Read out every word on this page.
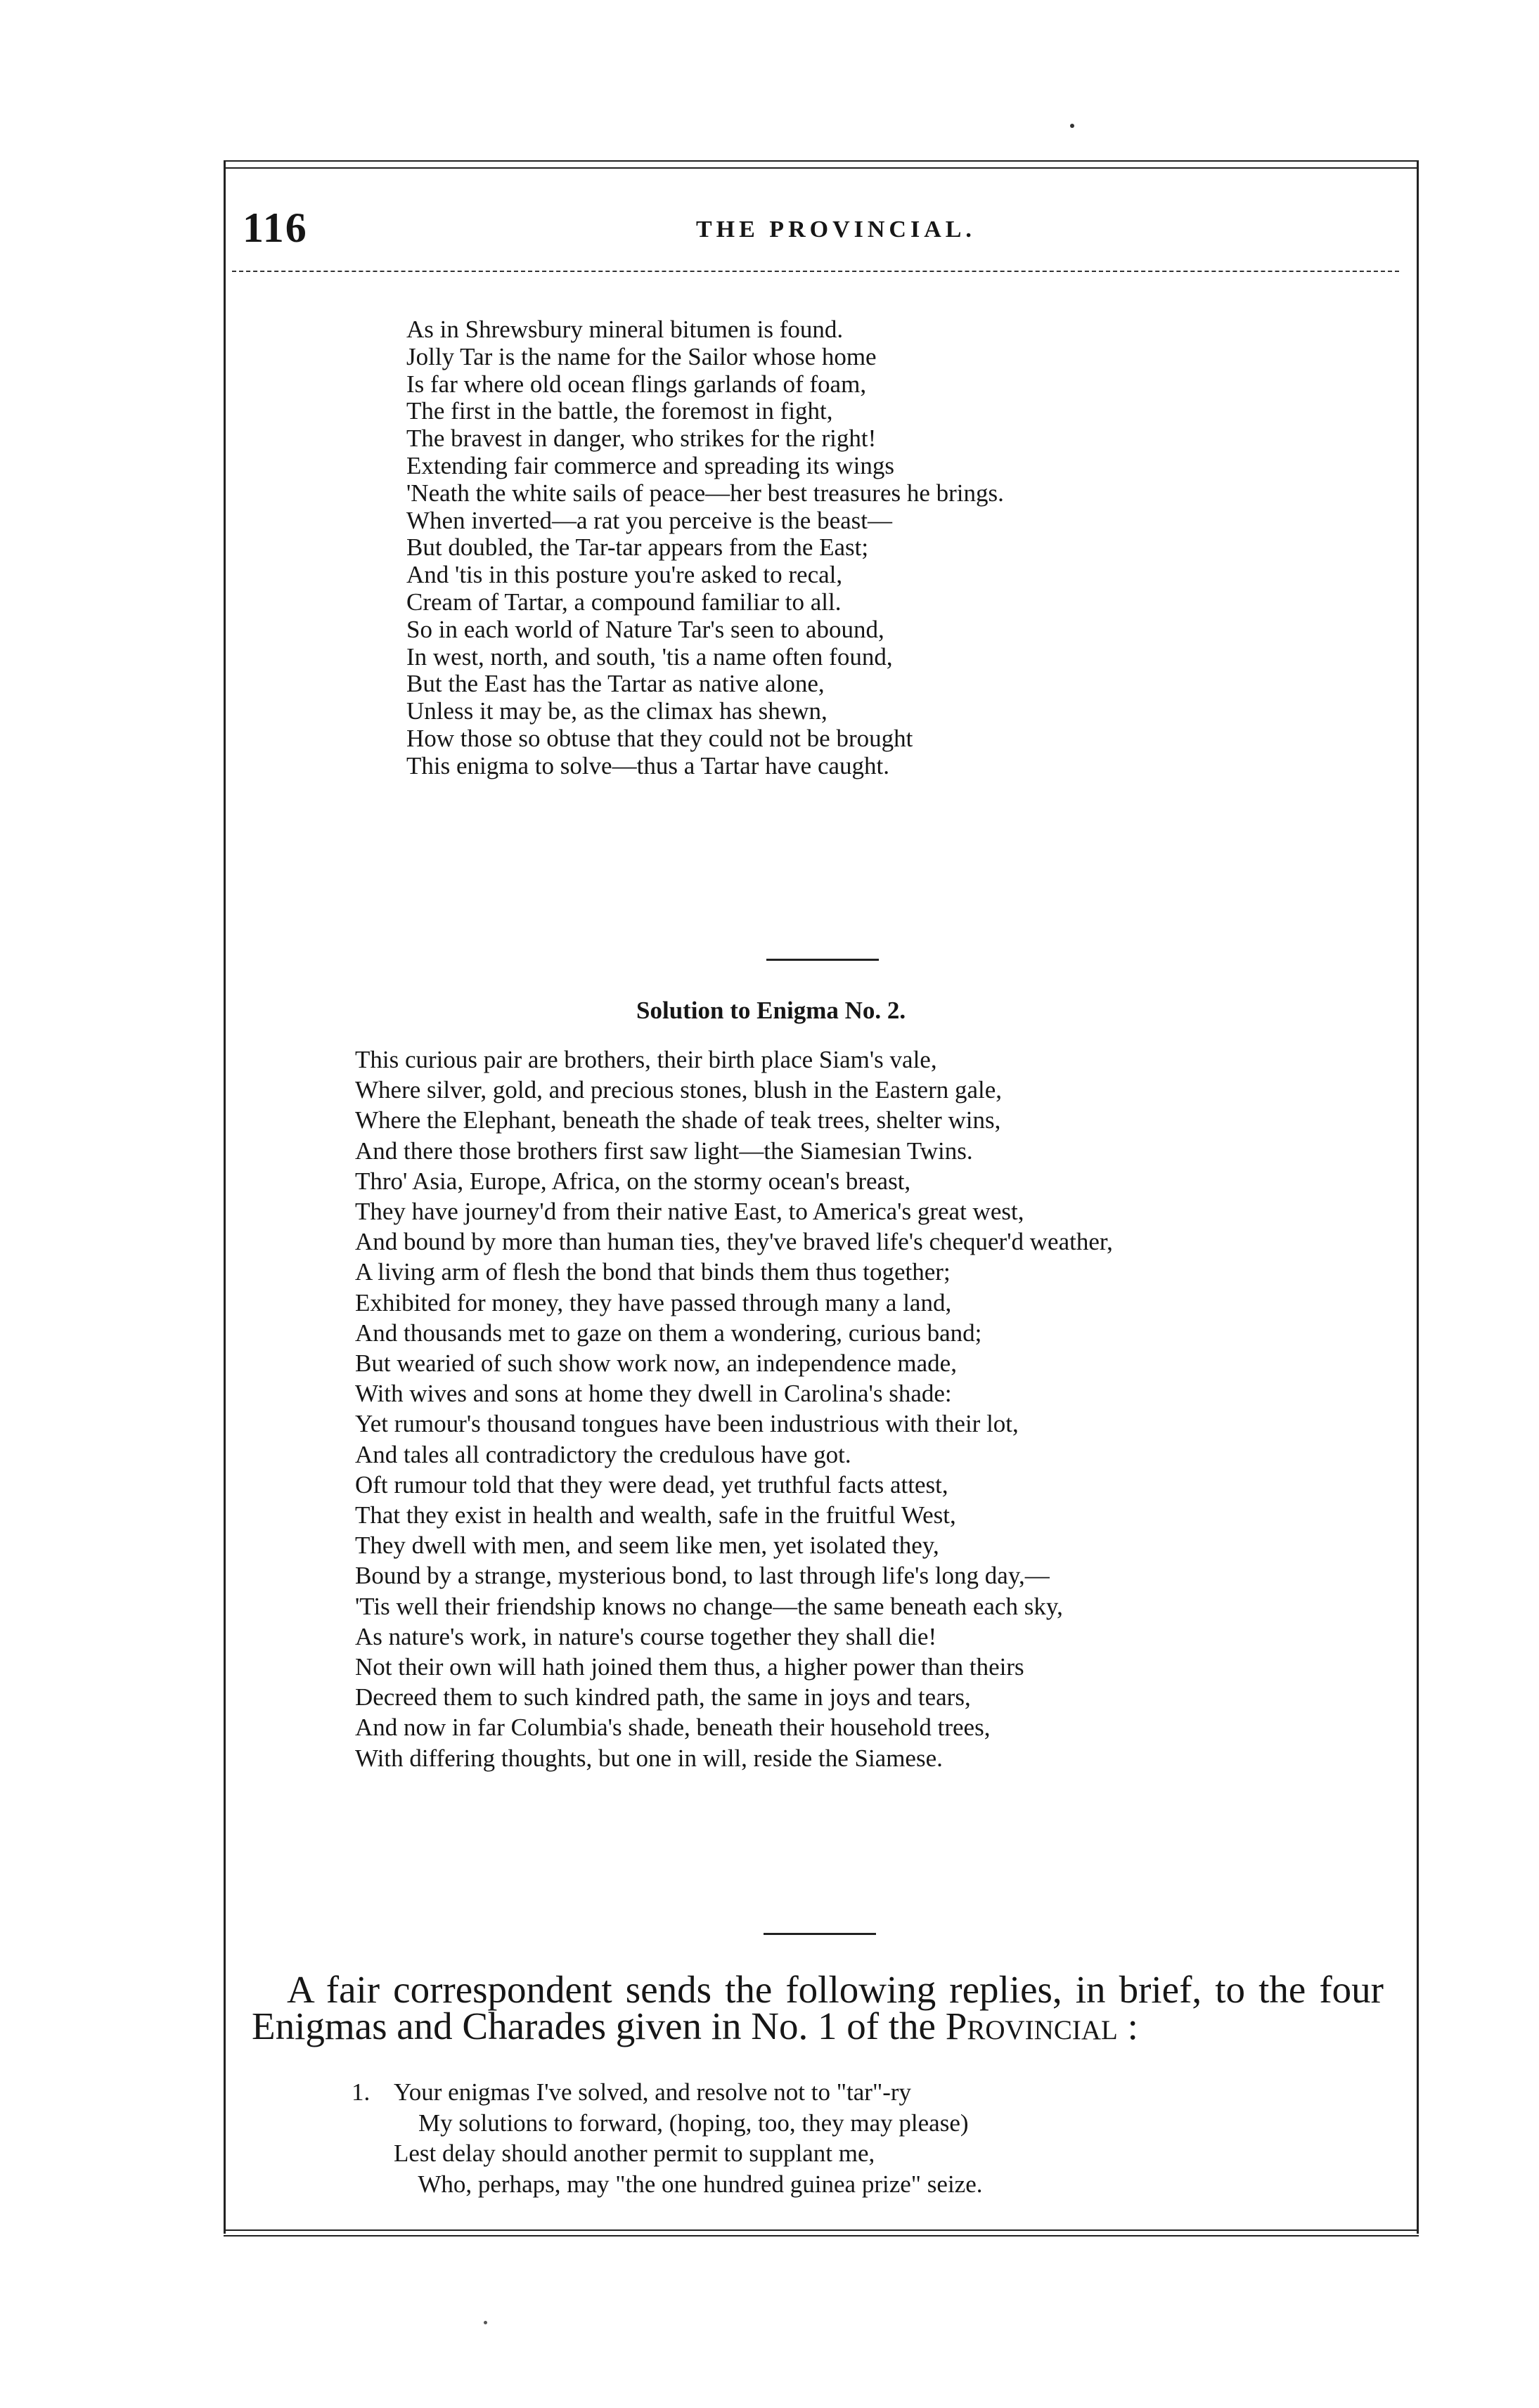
116	THE PROVINCIAL.
As in Shrewsbury mineral bitumen is found.
Jolly Tar is the name for the Sailor whose home
Is far where old ocean flings garlands of foam,
The first in the battle, the foremost in fight,
The bravest in danger, who strikes for the right!
Extending fair commerce and spreading its wings
'Neath the white sails of peace—her best treasures he brings.
When inverted—a rat you perceive is the beast—
But doubled, the Tar-tar appears from the East;
And 'tis in this posture you're asked to recal,
Cream of Tartar, a compound familiar to all.
So in each world of Nature Tar's seen to abound,
In west, north, and south, 'tis a name often found,
But the East has the Tartar as native alone,
Unless it may be, as the climax has shewn,
How those so obtuse that they could not be brought
This enigma to solve—thus a Tartar have caught.
Solution to Enigma No. 2.
This curious pair are brothers, their birth place Siam's vale,
Where silver, gold, and precious stones, blush in the Eastern gale,
Where the Elephant, beneath the shade of teak trees, shelter wins,
And there those brothers first saw light—the Siamesian Twins.
Thro' Asia, Europe, Africa, on the stormy ocean's breast,
They have journey'd from their native East, to America's great west,
And bound by more than human ties, they've braved life's chequer'd weather,
A living arm of flesh the bond that binds them thus together;
Exhibited for money, they have passed through many a land,
And thousands met to gaze on them a wondering, curious band;
But wearied of such show work now, an independence made,
With wives and sons at home they dwell in Carolina's shade:
Yet rumour's thousand tongues have been industrious with their lot,
And tales all contradictory the credulous have got.
Oft rumour told that they were dead, yet truthful facts attest,
That they exist in health and wealth, safe in the fruitful West,
They dwell with men, and seem like men, yet isolated they,
Bound by a strange, mysterious bond, to last through life's long day,—
'Tis well their friendship knows no change—the same beneath each sky,
As nature's work, in nature's course together they shall die!
Not their own will hath joined them thus, a higher power than theirs
Decreed them to such kindred path, the same in joys and tears,
And now in far Columbia's shade, beneath their household trees,
With differing thoughts, but one in will, reside the Siamese.
A fair correspondent sends the following replies, in brief, to the four
Enigmas and Charades given in No. 1 of the Provincial :
1. Your enigmas I've solved, and resolve not to "tar"-ry
My solutions to forward, (hoping, too, they may please)
Lest delay should another permit to supplant me,
Who, perhaps, may "the one hundred guinea prize" seize.
